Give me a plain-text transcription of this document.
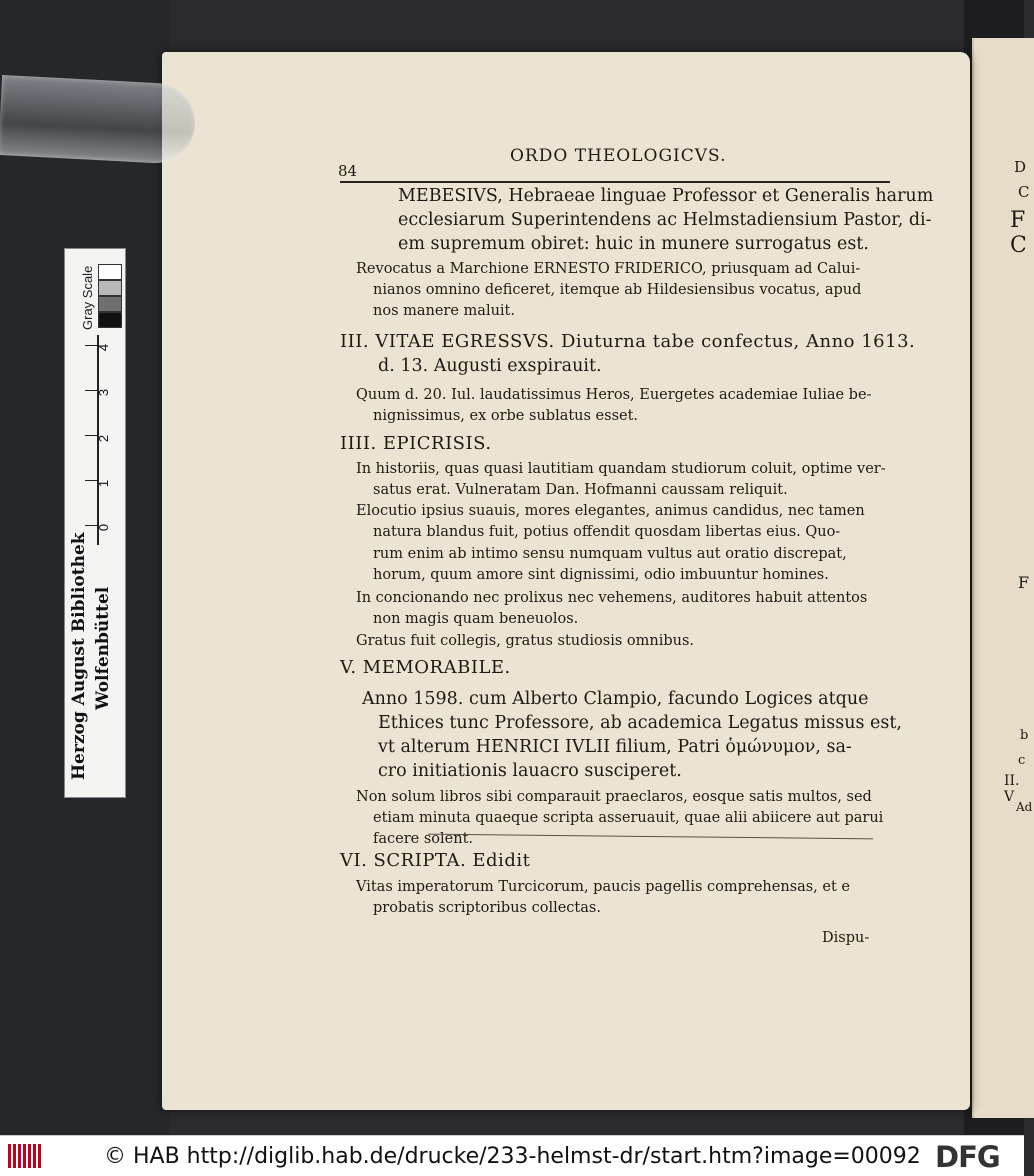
D
C
F C
F
b
c
II. V
Ad
Gray Scale
0
1
2
3
4
Herzog August Bibliothek Wolfenbüttel
84
ORDO THEOLOGICVS.
MEBESIVS, Hebraeae linguae Professor et Generalis harum
ecclesiarum Superintendens ac Helmstadiensium Pastor, di-
em supremum obiret: huic in munere surrogatus est.
Revocatus a Marchione ERNESTO FRIDERICO, priusquam ad Calui-
nianos omnino deficeret, itemque ab Hildesiensibus vocatus, apud
nos manere maluit.
III. VITAE EGRESSVS. Diuturna tabe confectus, Anno 1613.
d. 13. Augusti exspirauit.
Quum d. 20. Iul. laudatissimus Heros, Euergetes academiae Iuliae be-
nignissimus, ex orbe sublatus esset.
IIII. EPICRISIS.
In historiis, quas quasi lautitiam quandam studiorum coluit, optime ver-
satus erat. Vulneratam Dan. Hofmanni caussam reliquit.
Elocutio ipsius suauis, mores elegantes, animus candidus, nec tamen
natura blandus fuit, potius offendit quosdam libertas eius. Quo-
rum enim ab intimo sensu numquam vultus aut oratio discrepat,
horum, quum amore sint dignissimi, odio imbuuntur homines.
In concionando nec prolixus nec vehemens, auditores habuit attentos
non magis quam beneuolos.
Gratus fuit collegis, gratus studiosis omnibus.
V. MEMORABILE.
Anno 1598. cum Alberto Clampio, facundo Logices atque
Ethices tunc Professore, ab academica Legatus missus est,
vt alterum HENRICI IVLII filium, Patri ὁμώνυμον, sa-
cro initiationis lauacro susciperet.
Non solum libros sibi comparauit praeclaros, eosque satis multos, sed
etiam minuta quaeque scripta asseruauit, quae alii abiicere aut parui
facere solent.
VI. SCRIPTA. Edidit
Vitas imperatorum Turcicorum, paucis pagellis comprehensas, et e
probatis scriptoribus collectas.
Dispu-
© HAB http://diglib.hab.de/drucke/233-helmst-dr/start.htm?image=00092 DFG
